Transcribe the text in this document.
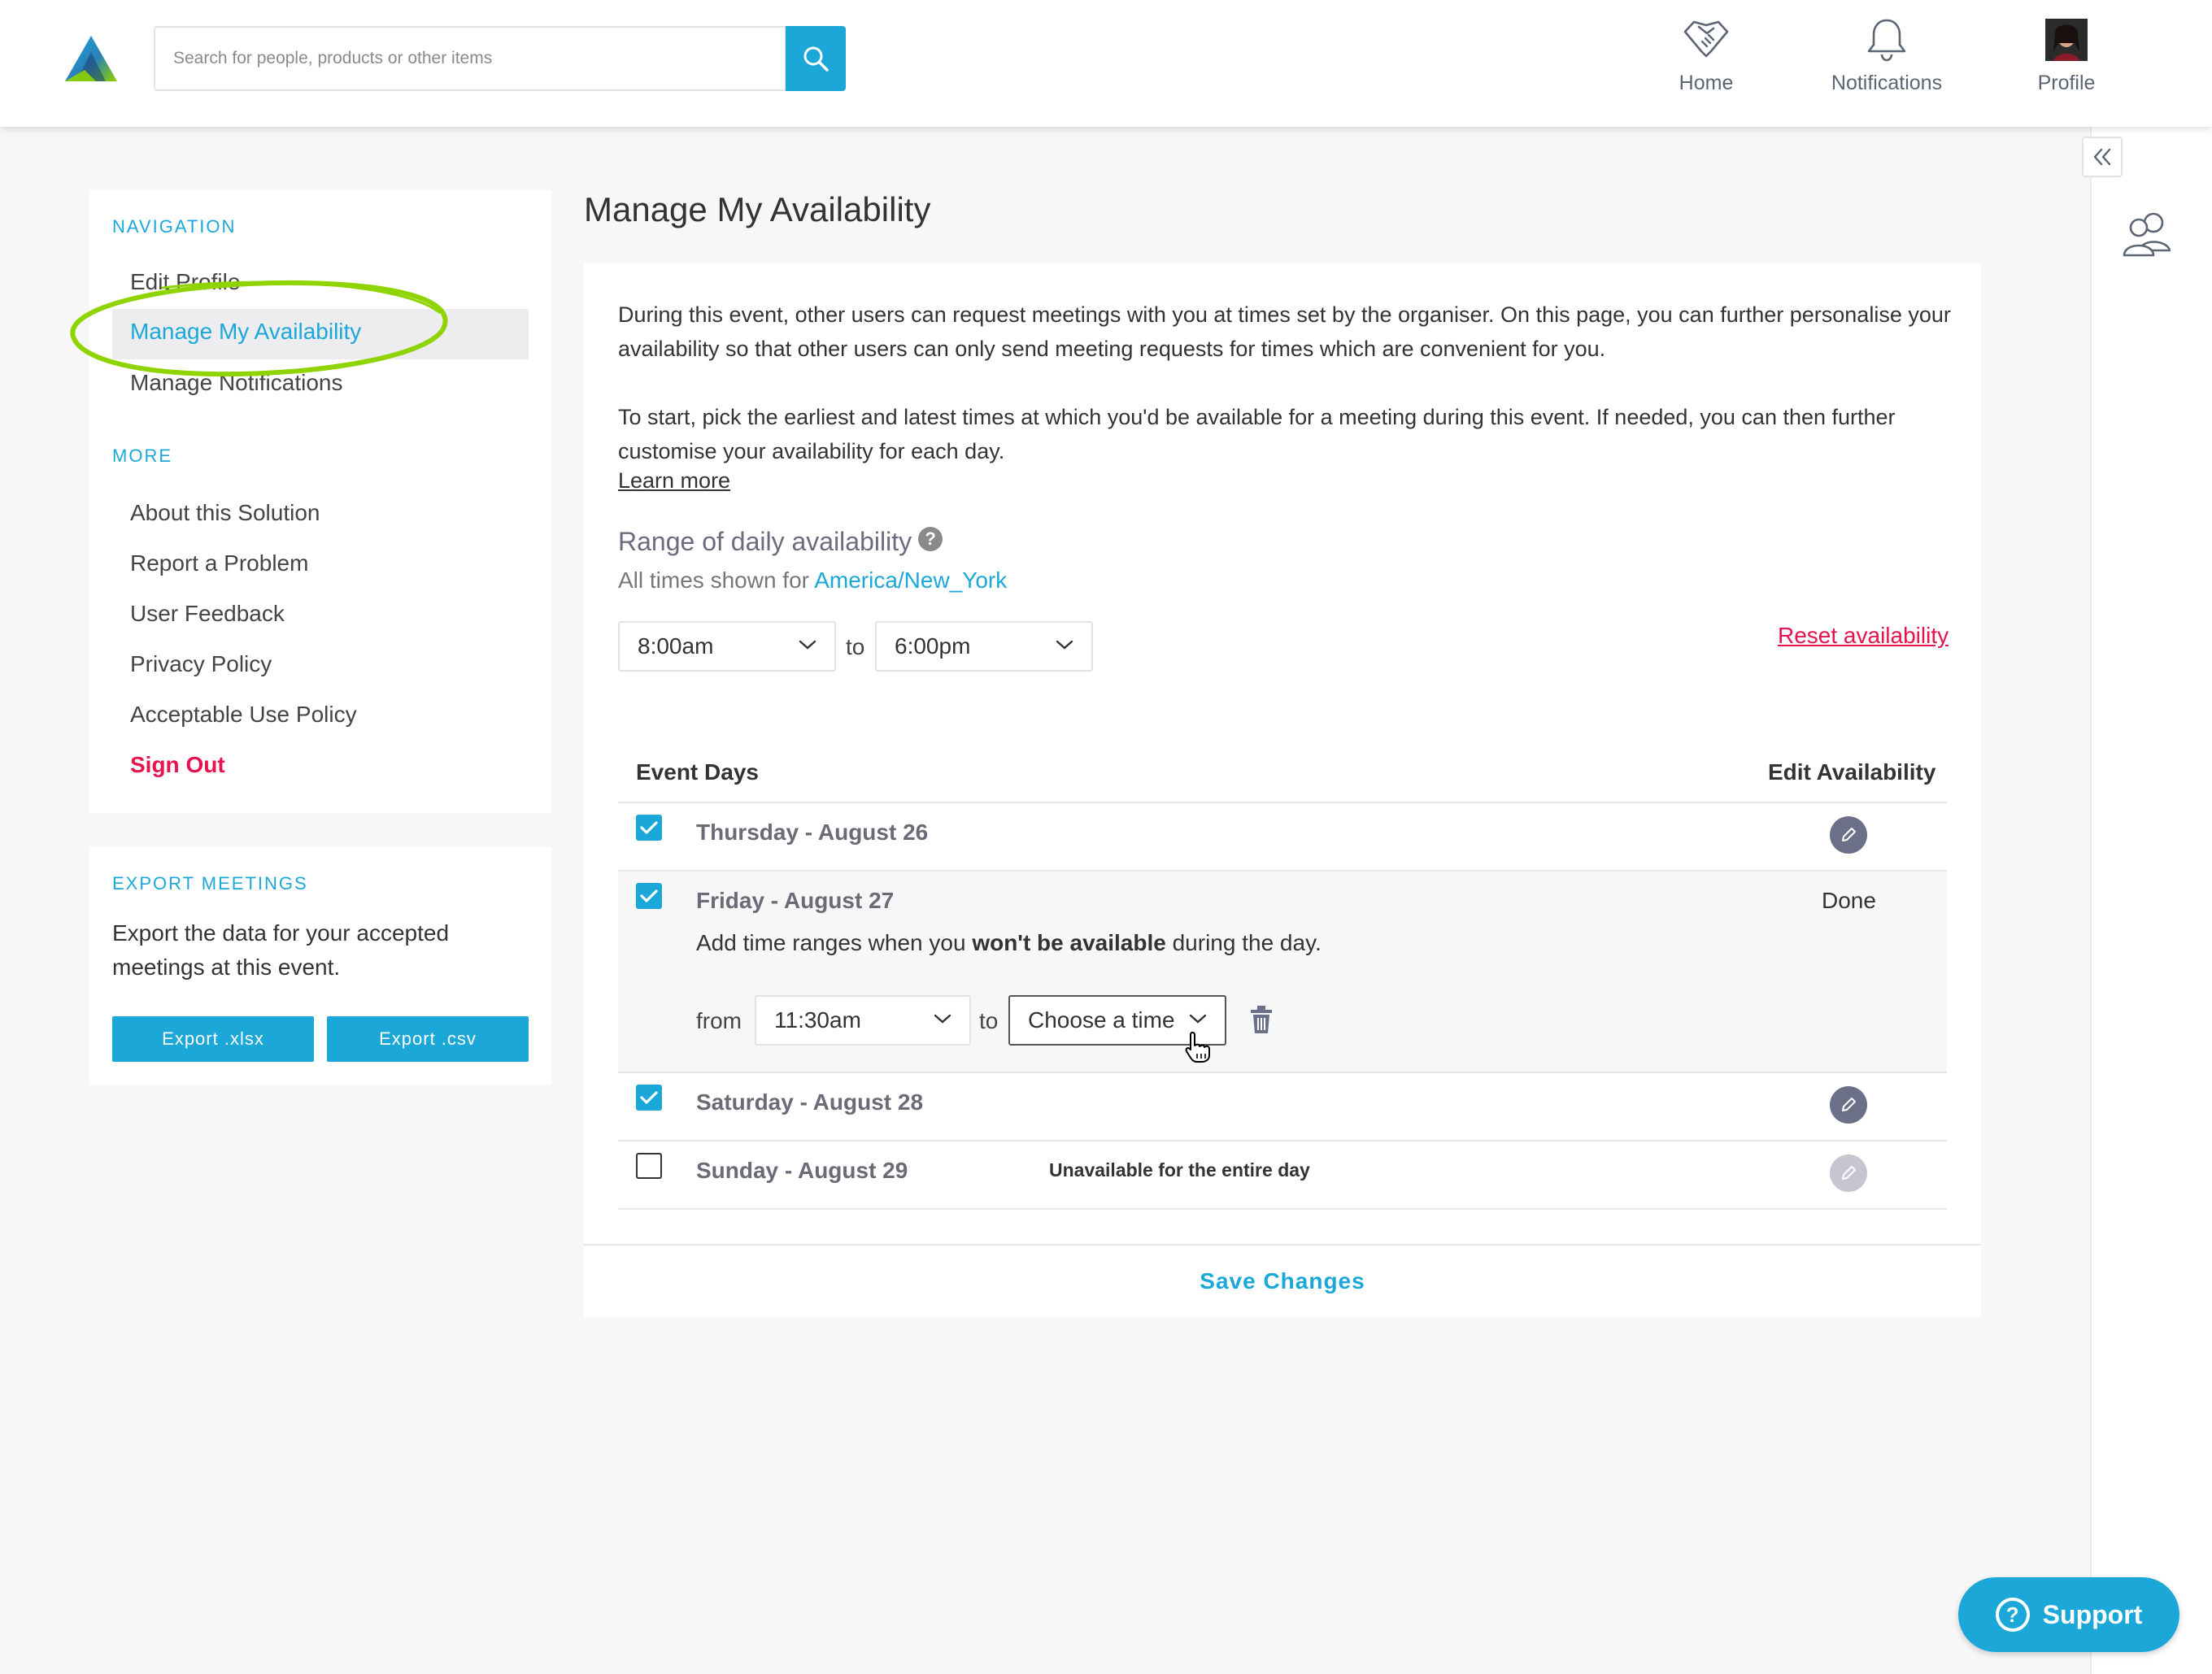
Search for people, products or other items
Home	Notifications	Profile
NAVIGATION
Edit Profile
Manage My Availability
Manage Notifications
MORE
About this Solution
Report a Problem
User Feedback
Privacy Policy
Acceptable Use Policy
Sign Out
EXPORT MEETINGS
Export the data for your accepted meetings at this event.
Export .xlsx	Export .csv
Manage My Availability
During this event, other users can request meetings with you at times set by the organiser. On this page, you can further personalise your availability so that other users can only send meeting requests for times which are convenient for you.
To start, pick the earliest and latest times at which you'd be available for a meeting during this event. If needed, you can then further customise your availability for each day.
Learn more
Range of daily availability ?
All times shown for America/New_York
8:00am	to 6:00pm	Reset availability
Event Days	Edit Availability
Thursday - August 26
Friday - August 27	Done
Add time ranges when you won't be available during the day.
from 11:30am	to Choose a time
Saturday - August 28
Sunday - August 29	Unavailable for the entire day
Save Changes
? Support
